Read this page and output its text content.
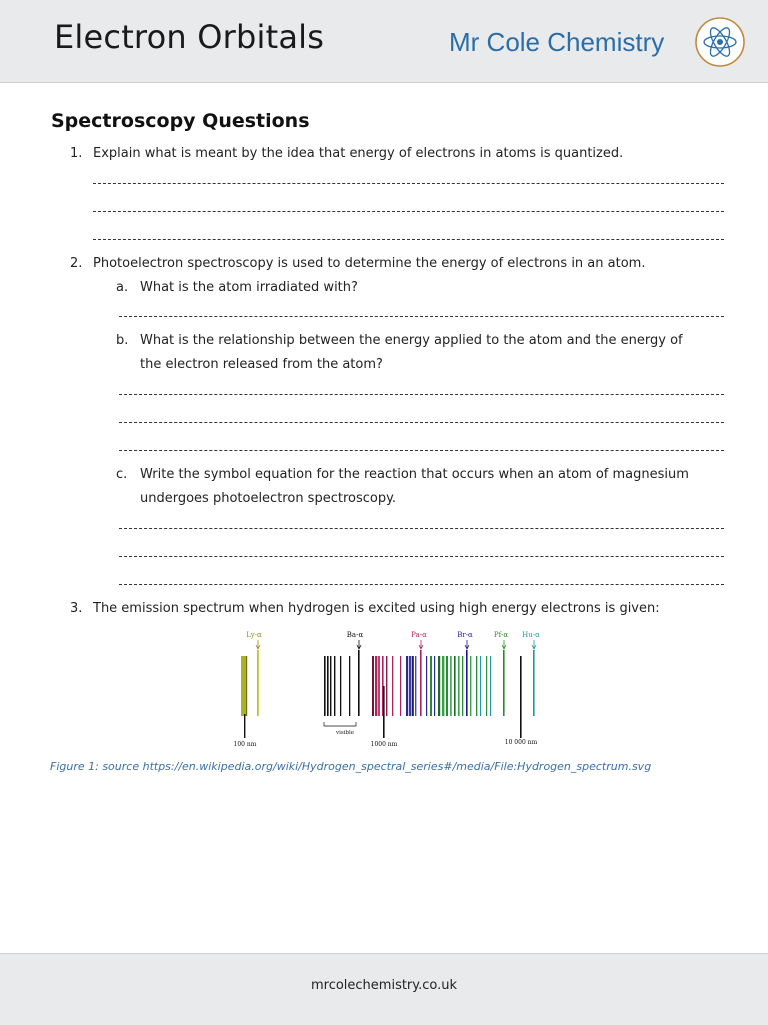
Electron Orbitals	Mr Cole Chemistry
Spectroscopy Questions
1. Explain what is meant by the idea that energy of electrons in atoms is quantized.
2. Photoelectron spectroscopy is used to determine the energy of electrons in an atom.
a. What is the atom irradiated with?
b. What is the relationship between the energy applied to the atom and the energy of
the electron released from the atom?
c. Write the symbol equation for the reaction that occurs when an atom of magnesium
undergoes photoelectron spectroscopy.
3. The emission spectrum when hydrogen is excited using high energy electrons is given:
Ly-α	Ba-α	Pa-α	Br-α	Pf-α Hu-α
visible
100 nm	1000 nm	10 000 nm
Figure 1: source https://en.wikipedia.org/wiki/Hydrogen_spectral_series#/media/File:Hydrogen_spectrum.svg
mrcolechemistry.co.uk
